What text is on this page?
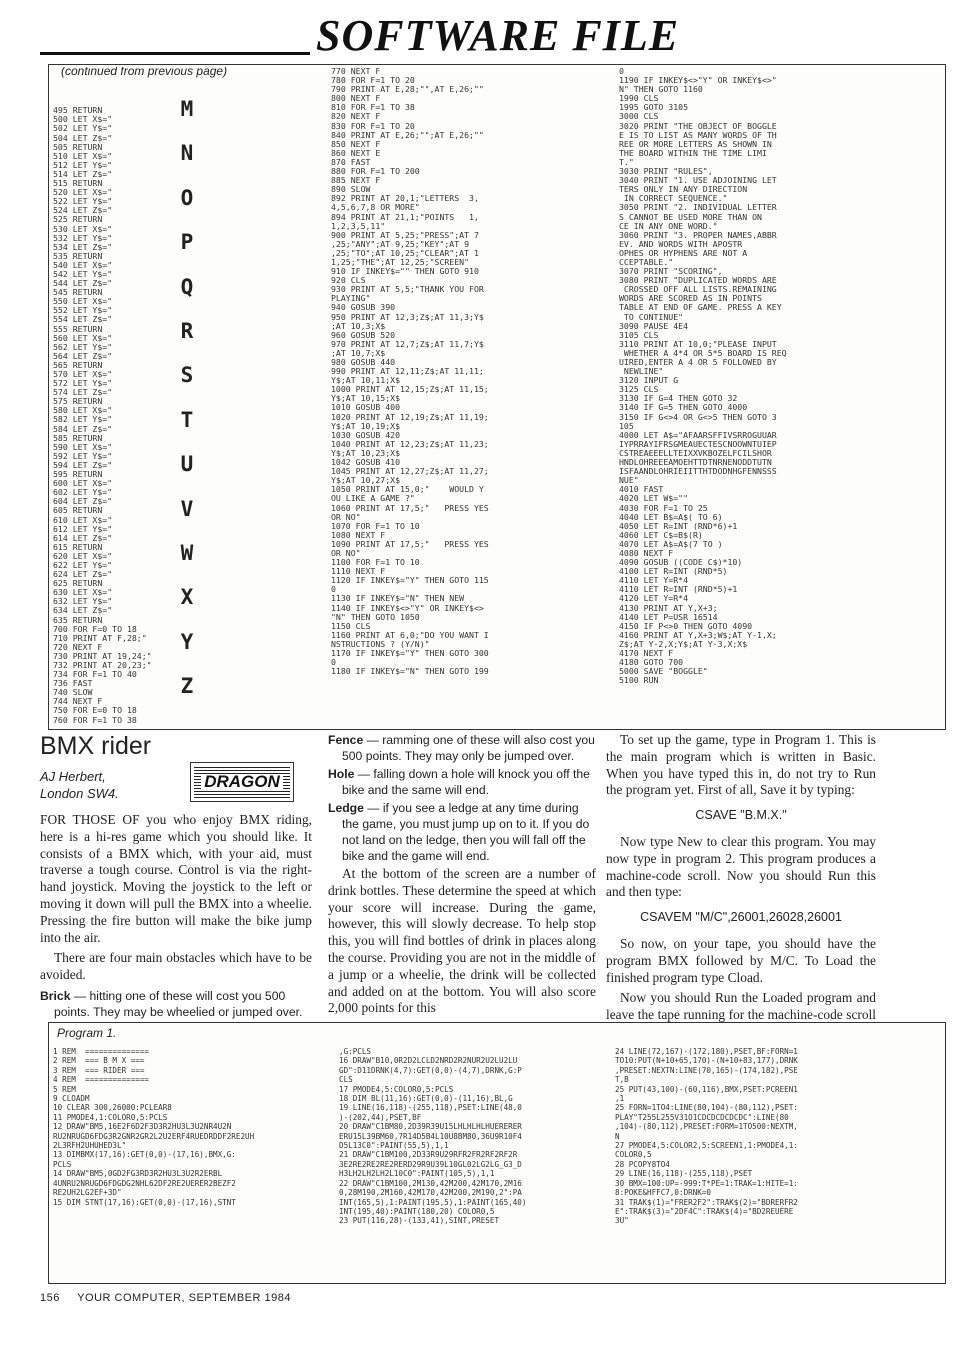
SOFTWARE FILE

(continued from previous page)

495 RETURN
500 LET X$="
502 LET Y$="
504 LET Z$="
505 RETURN
510 LET X$="
512 LET Y$="
514 LET Z$="
515 RETURN
520 LET X$="
522 LET Y$="
524 LET Z$="
525 RETURN
530 LET X$="
532 LET Y$="
534 LET Z$="
535 RETURN
540 LET X$="
542 LET Y$="
544 LET Z$="
545 RETURN
550 LET X$="
552 LET Y$="
554 LET Z$="
555 RETURN
560 LET X$="
562 LET Y$="
564 LET Z$="
565 RETURN
570 LET X$="
572 LET Y$="
574 LET Z$="
575 RETURN
580 LET X$="
582 LET Y$="
584 LET Z$="
585 RETURN
590 LET X$="
592 LET Y$="
594 LET Z$="
595 RETURN
600 LET X$="
602 LET Y$="
604 LET Z$="
605 RETURN
610 LET X$="
612 LET Y$="
614 LET Z$="
615 RETURN
620 LET X$="
622 LET Y$="
624 LET Z$="
625 RETURN
630 LET X$="
632 LET Y$="
634 LET Z$="
635 RETURN
700 FOR F=0 TO 18
710 PRINT AT F,28;"
720 NEXT F
730 PRINT AT 19,24;"
732 PRINT AT 20,23;"
734 FOR F=1 TO 40
736 FAST
740 SLOW
744 NEXT F
750 FOR E=0 TO 18
760 FOR F=1 TO 38

M
N
O
P
Q
R
S
T
U
V
W
X
Y
Z
770 NEXT F
780 FOR F=1 TO 20
790 PRINT AT E,28;"",AT E,26;""
800 NEXT F
810 FOR F=1 TO 38
820 NEXT F
830 FOR F=1 TO 20
840 PRINT AT E,26;"";AT E,26;""
850 NEXT F
860 NEXT E
870 FAST
880 FOR F=1 TO 200
885 NEXT F
890 SLOW
892 PRINT AT 20,1;"LETTERS  3,
4,5,6,7,8 OR MORE"
894 PRINT AT 21,1;"POINTS   1,
1,2,3,5,11"
900 PRINT AT 5,25;"PRESS";AT 7
,25;"ANY";AT 9,25;"KEY";AT 9
,25;"TO";AT 10,25;"CLEAR";AT 1
1,25;"THE";AT 12,25;"SCREEN"
910 IF INKEY$="" THEN GOTO 910
920 CLS
930 PRINT AT 5,5;"THANK YOU FOR
PLAYING"
940 GOSUB 390
950 PRINT AT 12,3;Z$;AT 11,3;Y$
;AT 10,3;X$
960 GOSUB 520
970 PRINT AT 12,7;Z$;AT 11,7;Y$
;AT 10,7;X$
980 GOSUB 440
990 PRINT AT 12,11;Z$;AT 11,11;
Y$;AT 10,11;X$
1000 PRINT AT 12,15;Z$;AT 11,15;
Y$;AT 10,15;X$
1010 GOSUB 400
1020 PRINT AT 12,19;Z$;AT 11,19;
Y$;AT 10,19;X$
1030 GOSUB 420
1040 PRINT AT 12,23;Z$;AT 11,23;
Y$;AT 10,23;X$
1042 GOSUB 410
1045 PRINT AT 12,27;Z$;AT 11,27;
Y$;AT 10,27;X$
1050 PRINT AT 15,0;"    WOULD Y
OU LIKE A GAME ?"
1060 PRINT AT 17,5;"   PRESS YES
OR NO"
1070 FOR F=1 TO 10
1080 NEXT F
1090 PRINT AT 17,5;"   PRESS YES
OR NO"
1100 FOR F=1 TO 10
1110 NEXT F
1120 IF INKEY$="Y" THEN GOTO 115
0
1130 IF INKEY$="N" THEN NEW
1140 IF INKEY$<>"Y" OR INKEY$<>
"N" THEN GOTO 1050
1150 CLS
1160 PRINT AT 6,0;"DO YOU WANT I
NSTRUCTIONS ? (Y/N)"
1170 IF INKEY$="Y" THEN GOTO 300
0
1180 IF INKEY$="N" THEN GOTO 199
0
1190 IF INKEY$<>"Y" OR INKEY$<>"
N" THEN GOTO 1160
1990 CLS
1995 GOTO 3105
3000 CLS
3020 PRINT "THE OBJECT OF BOGGLE
E IS TO LIST AS MANY WORDS OF TH
REE OR MORE LETTERS AS SHOWN IN
THE BOARD WITHIN THE TIME LIMI
T."
3030 PRINT "RULES",
3040 PRINT "1. USE ADJOINING LET
TERS ONLY IN ANY DIRECTION
IN CORRECT SEQUENCE."
3050 PRINT "2. INDIVIDUAL LETTER
S CANNOT BE USED MORE THAN ON
CE IN ANY ONE WORD."
3060 PRINT "3. PROPER NAMES,ABBR
EV. AND WORDS WITH APOSTR
OPHES OR HYPHENS ARE NOT A
CCEPTABLE."
3070 PRINT "SCORING",
3080 PRINT "DUPLICATED WORDS ARE
CROSSED OFF ALL LISTS.REMAINING
WORDS ARE SCORED AS IN POINTS
TABLE AT END OF GAME. PRESS A KEY
TO CONTINUE"
3090 PAUSE 4E4
3105 CLS
3110 PRINT AT 10,0;"PLEASE INPUT
WHETHER A 4*4 OR 5*5 BOARD IS REQ
UIRED,ENTER A 4 OR 5 FOLLOWED BY
NEWLINE"
3120 INPUT G
3125 CLS
3130 IF G=4 THEN GOTO 32
3140 IF G=5 THEN GOTO 4000
3150 IF G<>4 OR G<>5 THEN GOTO 3
105
4000 LET A$="AFAARSFFIVSRROGUUAR
IYPRRAYIFRSGMEAUECTESCNOOWNTUIEP
CSTREAEEELLTEIXXVKBOZELFCILSHOR
HNDLOHREEEAMOEHTTDTNRNENODDTUTN
ISFAANDLOHRIEIITTHTDODNHGFENNSSS
NUE"
4010 FAST
4020 LET W$=""
4030 FOR F=1 TO 25
4040 LET B$=A$( TO 6)
4050 LET R=INT (RND*6)+1
4060 LET C$=B$(R)
4070 LET A$=A$(7 TO )
4080 NEXT F
4090 GOSUB ((CODE C$)*10)
4100 LET R=INT (RND*5)
4110 LET Y=R*4
4110 LET R=INT (RND*5)+1
4120 LET Y=R*4
4130 PRINT AT Y,X+3;
4140 LET P=USR 16514
4150 IF P<>0 THEN GOTO 4090
4160 PRINT AT Y,X+3;W$;AT Y-1,X;
Z$;AT Y-2,X;Y$;AT Y-3,X;X$
4170 NEXT F
4180 GOTO 700
5000 SAVE "BOGGLE"
5100 RUN
BMX rider
AJ Herbert,
London SW4.
DRAGON

FOR THOSE OF you who enjoy BMX riding, here is a hi-res game which you should like. It consists of a BMX which, with your aid, must traverse a tough course. Control is via the right-hand joystick. Moving the joystick to the left or moving it down will pull the BMX into a wheelie. Pressing the fire button will make the bike jump into the air.

There are four main obstacles which have to be avoided.

Brick — hitting one of these will cost you 500 points. They may be wheelied or jumped over.
Fence — ramming one of these will also cost you 500 points. They may only be jumped over.
Hole — falling down a hole will knock you off the bike and the same will end.
Ledge — if you see a ledge at any time during the game, you must jump up on to it. If you do not land on the ledge, then you will fall off the bike and the game will end.

At the bottom of the screen are a number of drink bottles. These determine the speed at which your score will increase. During the game, however, this will slowly decrease. To help stop this, you will find bottles of drink in places along the course. Providing you are not in the middle of a jump or a wheelie, the drink will be collected and added on at the bottom. You will also score 2,000 points for this

To set up the game, type in Program 1. This is the main program which is written in Basic. When you have typed this in, do not try to Run the program yet. First of all, Save it by typing:

CSAVE "B.M.X."

Now type New to clear this program. You may now type in program 2. This program produces a machine-code scroll. Now you should Run this and then type:

CSAVEM "M/C",26001,26028,26001

So now, on your tape, you should have the program BMX followed by M/C. To Load the finished program type Cload.

Now you should Run the Loaded program and leave the tape running for the machine-code scroll

Program 1.
1 REM  ==============
2 REM  === B M X ===
3 REM  === RIDER ===
4 REM  ==============
5 REM
9 CLOADM
10 CLEAR 300,26000:PCLEAR8
11 PMODE4,1:COLOR0,5:PCLS
12 DRAW"BM5,16E2F6D2F3D3R2HU3L3U2NR4U2N
RU2NRUGD6FDG3R2GNR2GR2L2U2ERF4RUEDRDDF2RE2UH
2L3RFH2UHUHED3L"
13 DIMBMX(17,16):GET(0,0)-(17,16),BMX,G:
PCLS
14 DRAW"BM5,0GD2FG3RD3R2HU3L3U2R2ERBL
4UNRU2NRUGD6FDGDG2NHL62DF2RE2UERER2BEZF2
RE2UH2LG2EF+3D"
15 DIM STNT(17,16):GET(0,0)-(17,16),STNT
,G:PCLS
16 DRAW"B10,0R2D2LCLD2NRD2R2NUR2U2LU2LU
GD":D11DRNK(4,7):GET(0,0)-(4,7),DRNK,G:P
CLS
17 PMODE4,5:COLOR0,5:PCLS
18 DIM BL(11,16):GET(0,0)-(11,16),BL,G
19 LINE(16,118)-(255,118),PSET:LINE(48,0
)-(202,44),PSET,BF
20 DRAW"C1BM80,2D39R39U15LHLHLHLHUERERER
ERU15L39BM60,7R14D5B4L10U8BM80,36U9R10F4
D5L13C0":PAINT(55,5),1,1
21 DRAW"C1BM100,2D33R9U29RFR2FR2RF2RF2R
3E2RE2RE2RE2RERD29R9U39L10GL02LG2LG_G3_D
H3LH2LH2LH2L10C0":PAINT(105,5),1,1
22 DRAW"C1BM100,2M130,42M200,42M170,2M16
0,28M190,2M160,42M170,42M200,2M190,2":PA
INT(165,5),1:PAINT(195,5),1:PAINT(165,40)
INT(195,40):PAINT(180,20) COLOR0,5
23 PUT(116,28)-(133,41),SINT,PRESET
24 LINE(72,167)-(172,180),PSET,BF:FORN=1
TO10:PUT(N+10+65,170)-(N+10+83,177),DRNK
,PRESET:NEXTN:LINE(70,165)-(174,182),PSE
T,B
25 PUT(43,100)-(60,116),BMX,PSET:PCREEN1
,1
25 FORN=1TO4:LINE(80,104)-(80,112),PSET:
PLAY"T255L255V31O1CDCDCDCDCDC":LINE(80
,104)-(80,112),PRESET:FORM=1TO500:NEXTM,
N
27 PMODE4,5:COLOR2,5:SCREEN1,1:PMODE4,1:
COLOR0,5
28 PCOPY8TO4
29 LINE(16,118)-(255,118),PSET
30 BMX=100:UP=-999:T*PE=1:TRAK=1:HITE=1:
8:POKE&HFFC7,0:DRNK=0
31 TRAK$(1)="FRER2F2":TRAK$(2)="BDRERFR2
E":TRAK$(3)="2DF4C":TRAK$(4)="BD2REUERE
3U"
156 YOUR COMPUTER, SEPTEMBER 1984
